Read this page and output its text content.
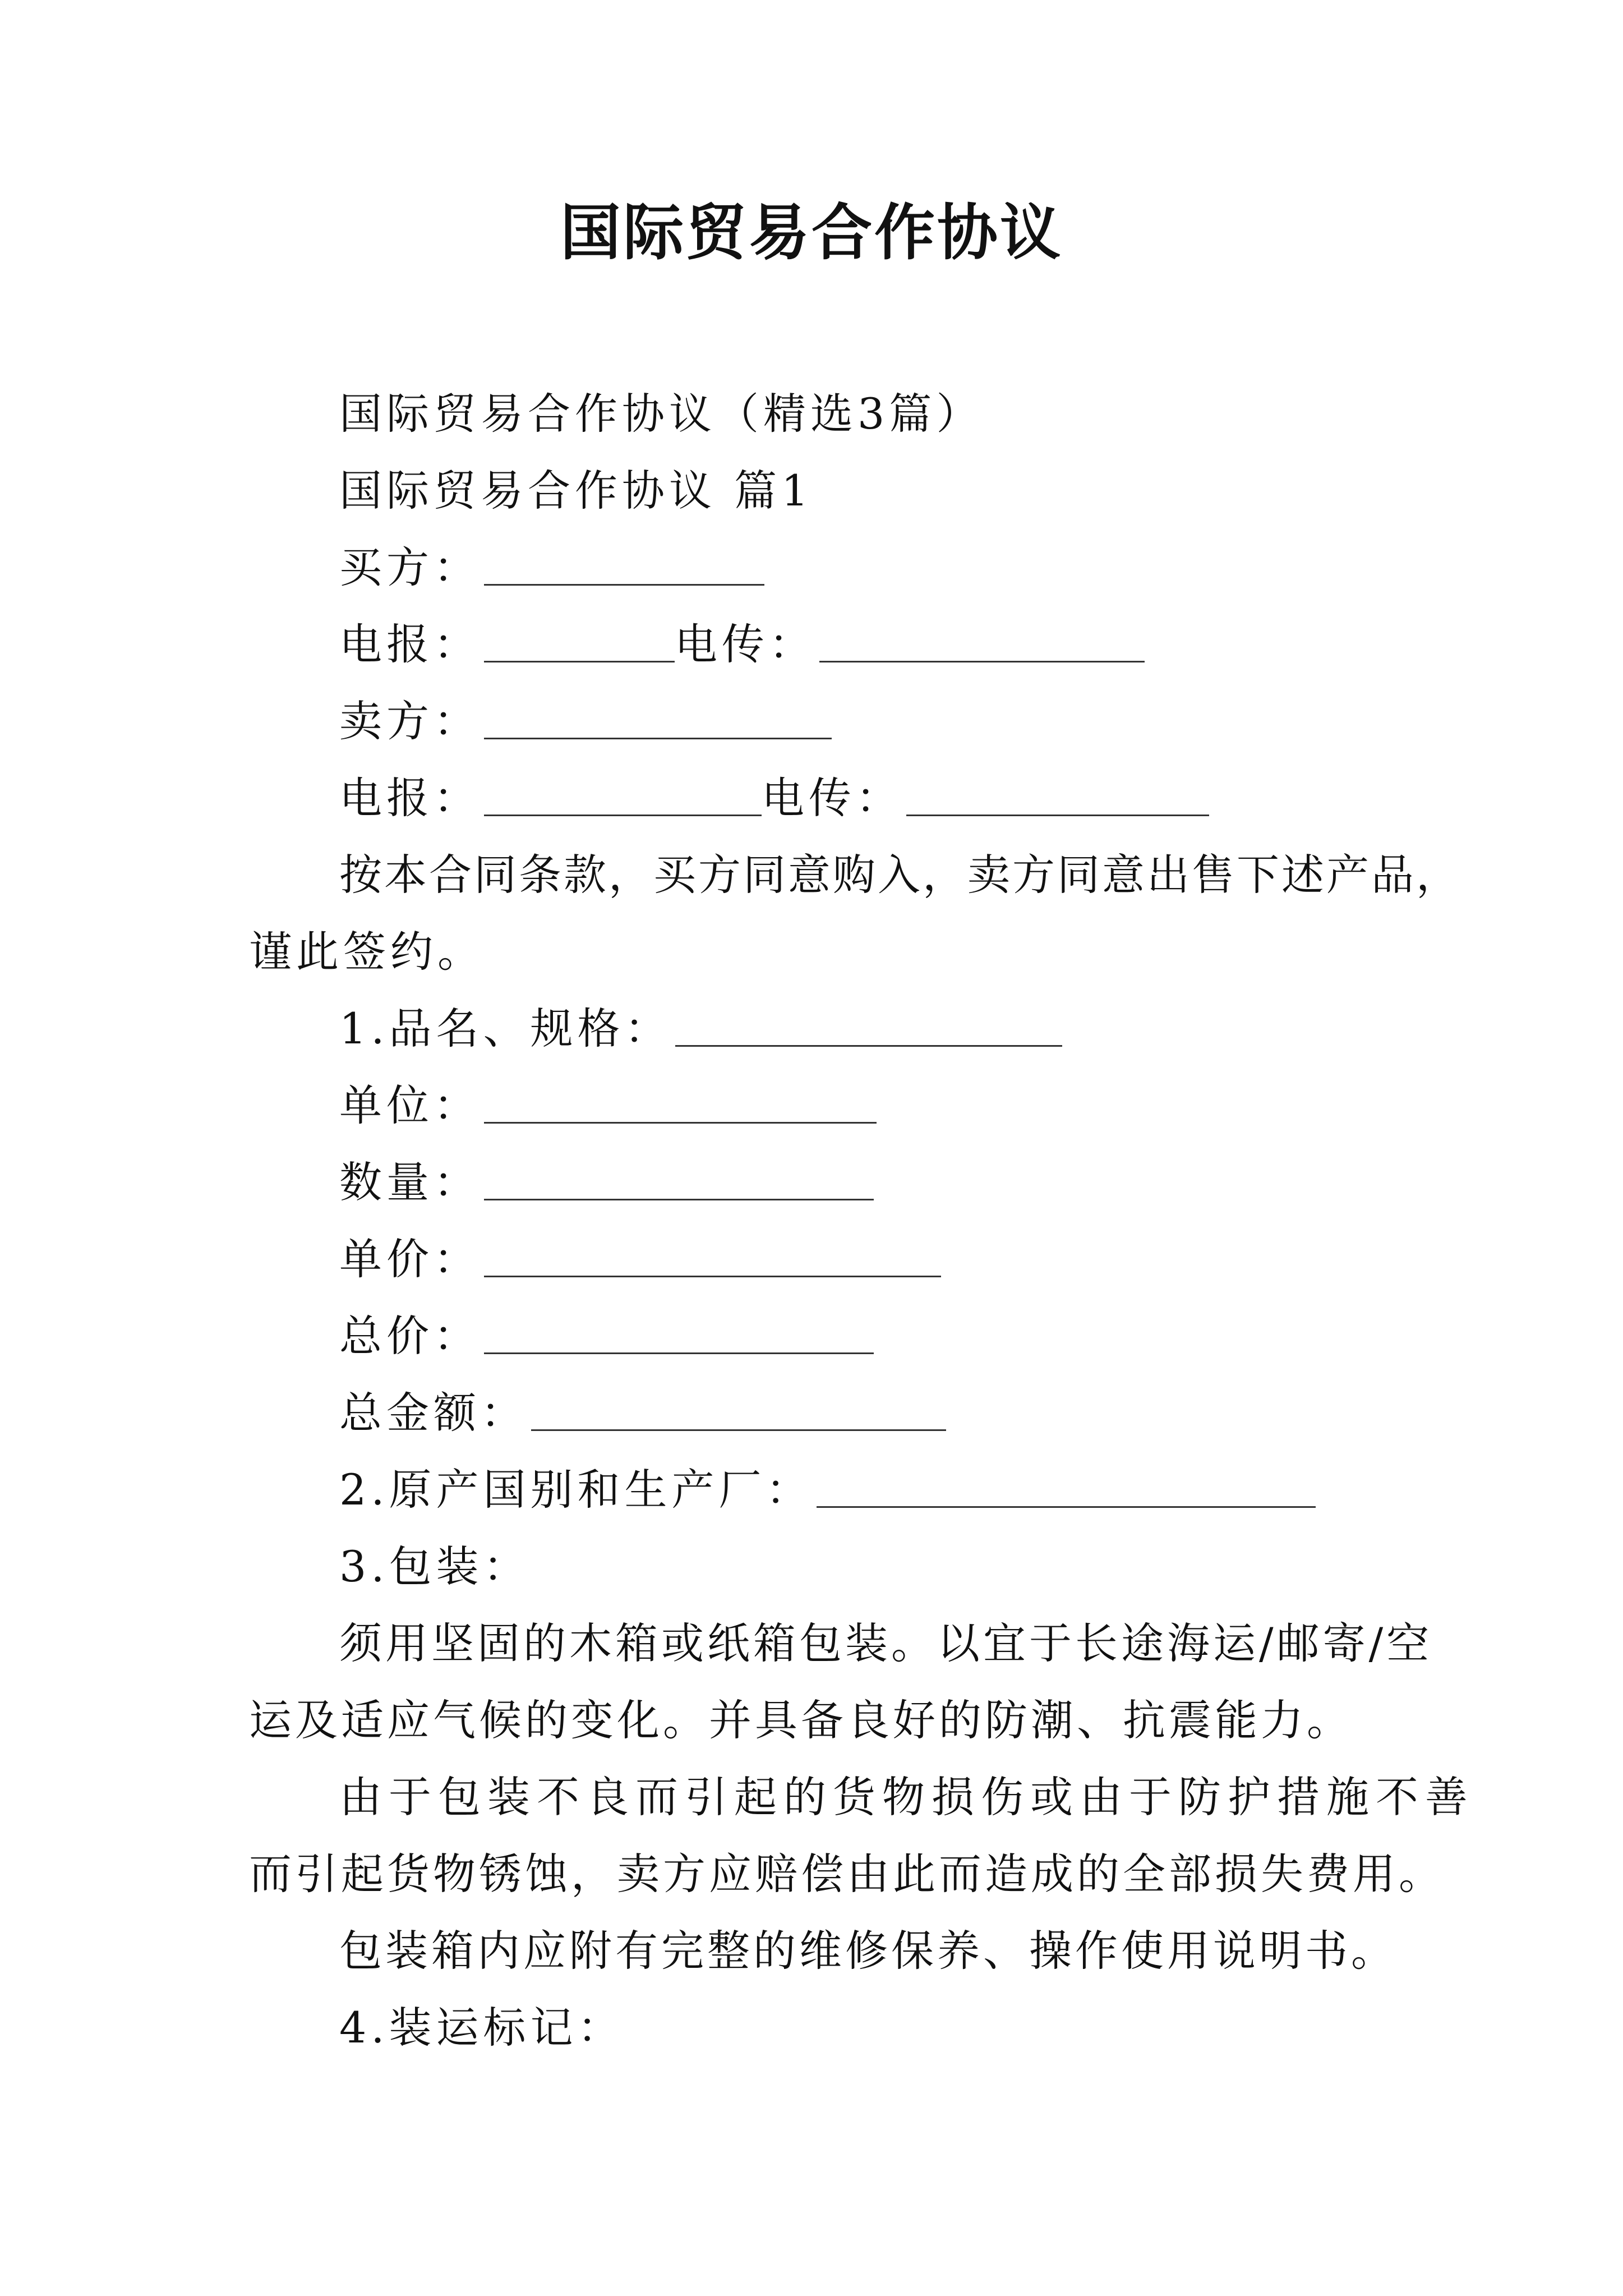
国际贸易合作协议
国际贸易合作协议（精选3篇）
国际贸易合作协议 篇1
买方：
电报：	电传：
卖方：
电报：	电传：
按本合同条款，买方同意购入，卖方同意出售下述产品，
谨此签约。
1.品名、规格：
单位：
数量：
单价：
总价：
总金额：
2.原产国别和生产厂：
3.包装：
须用坚固的木箱或纸箱包装。以宜于长途海运/邮寄/空
运及适应气候的变化。并具备良好的防潮、抗震能力。
由于包装不良而引起的货物损伤或由于防护措施不善
而引起货物锈蚀，卖方应赔偿由此而造成的全部损失费用。
包装箱内应附有完整的维修保养、操作使用说明书。
4.装运标记：
